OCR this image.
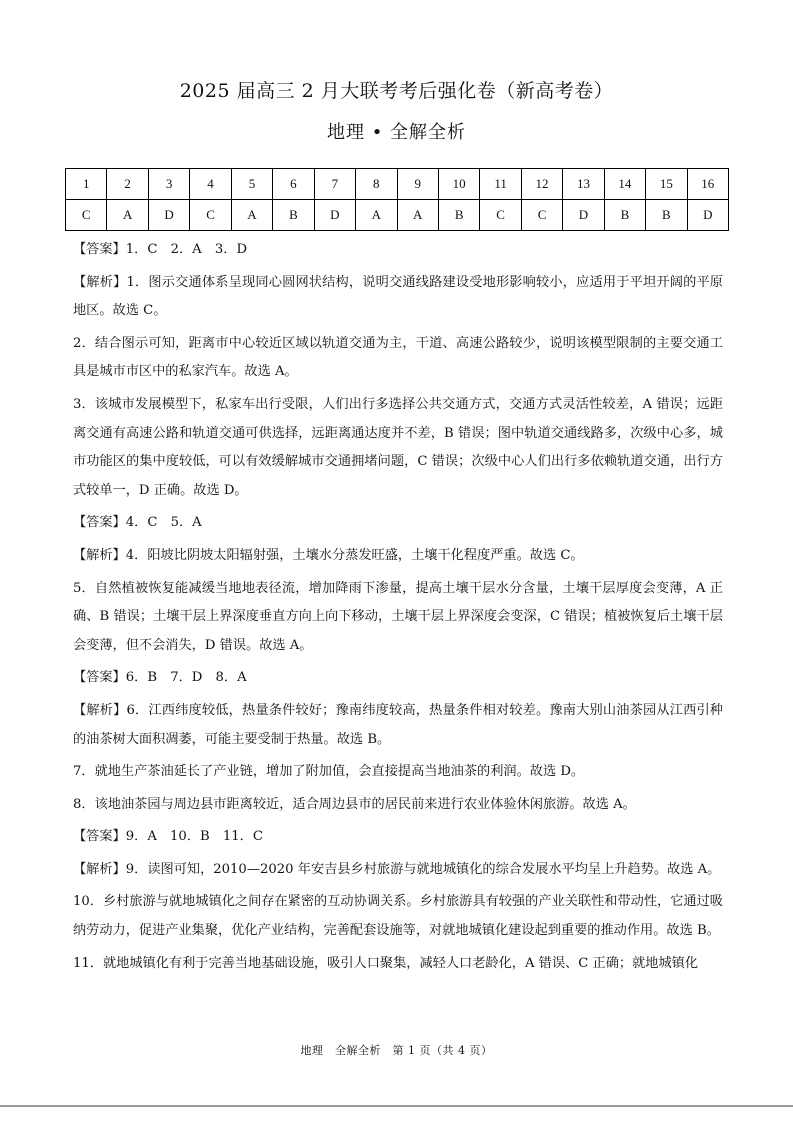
2025 届高三 2 月大联考考后强化卷（新高考卷）
地理 • 全解全析
1	2	3	4	5	6	7	8	9	10	11	12	13	14	15	16
C	A	D	C	A	B	D	A	A	B	C	C	D	B	B	D

【答案】1．C　2．A　3．D

【解析】1．图示交通体系呈现同心圆网状结构，说明交通线路建设受地形影响较小，应适用于平坦开阔的平原地区。故选 C。

2．结合图示可知，距离市中心较近区域以轨道交通为主，干道、高速公路较少，说明该模型限制的主要交通工具是城市市区中的私家汽车。故选 A。

3．该城市发展模型下，私家车出行受限，人们出行多选择公共交通方式，交通方式灵活性较差，A 错误；远距离交通有高速公路和轨道交通可供选择，远距离通达度并不差，B 错误；图中轨道交通线路多，次级中心多，城市功能区的集中度较低，可以有效缓解城市交通拥堵问题，C 错误；次级中心人们出行多依赖轨道交通，出行方式较单一，D 正确。故选 D。

【答案】4．C　5．A

【解析】4．阳坡比阴坡太阳辐射强，土壤水分蒸发旺盛，土壤干化程度严重。故选 C。

5．自然植被恢复能减缓当地地表径流，增加降雨下渗量，提高土壤干层水分含量，土壤干层厚度会变薄，A 正确、B 错误；土壤干层上界深度垂直方向上向下移动，土壤干层上界深度会变深，C 错误；植被恢复后土壤干层会变薄，但不会消失，D 错误。故选 A。

【答案】6．B　7．D　8．A

【解析】6．江西纬度较低，热量条件较好；豫南纬度较高，热量条件相对较差。豫南大别山油茶园从江西引种的油茶树大面积凋萎，可能主要受制于热量。故选 B。

7．就地生产茶油延长了产业链，增加了附加值，会直接提高当地油茶的利润。故选 D。

8．该地油茶园与周边县市距离较近，适合周边县市的居民前来进行农业体验休闲旅游。故选 A。

【答案】9．A　10．B　11．C

【解析】9．读图可知，2010—2020 年安吉县乡村旅游与就地城镇化的综合发展水平均呈上升趋势。故选 A。

10．乡村旅游与就地城镇化之间存在紧密的互动协调关系。乡村旅游具有较强的产业关联性和带动性，它通过吸纳劳动力，促进产业集聚，优化产业结构，完善配套设施等，对就地城镇化建设起到重要的推动作用。故选 B。

11．就地城镇化有利于完善当地基础设施，吸引人口聚集，减轻人口老龄化，A 错误、C 正确；就地城镇化

地理　全解全析　第 1 页（共 4 页）
